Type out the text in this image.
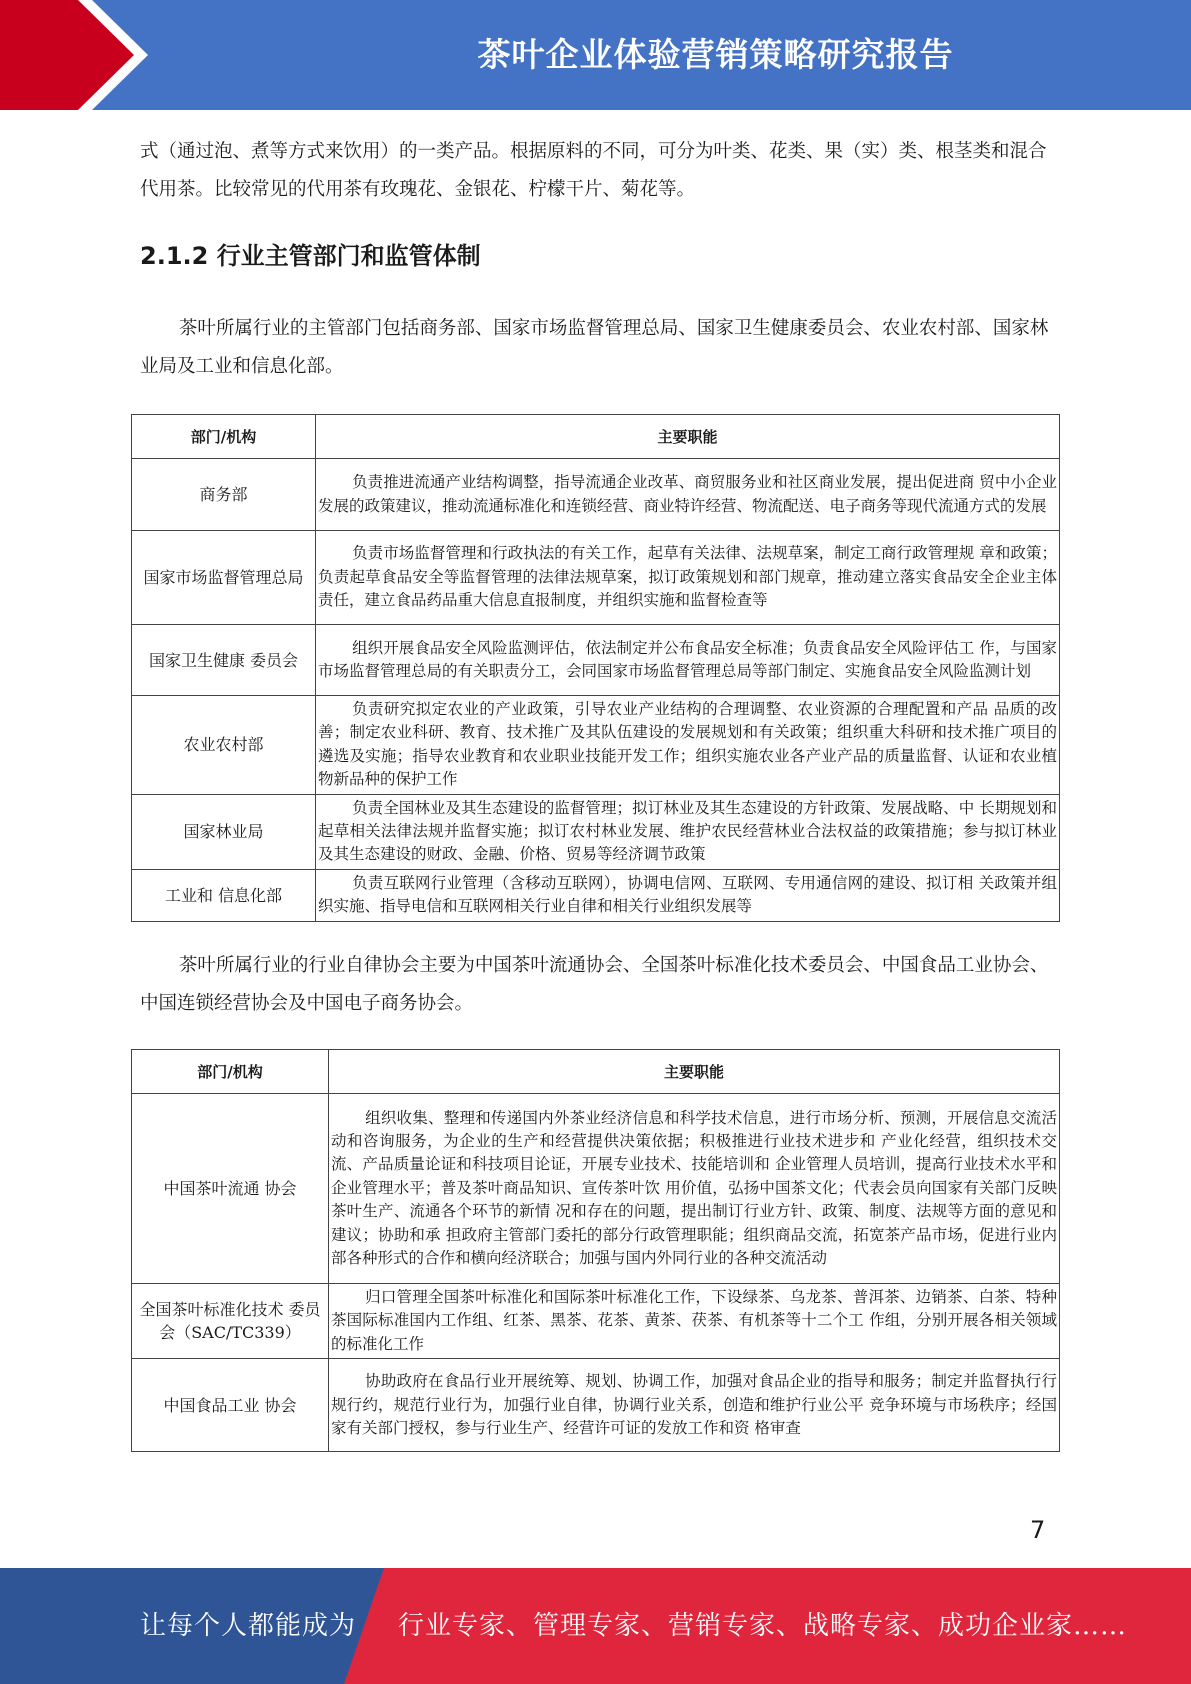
茶叶企业体验营销策略研究报告

式（通过泡、煮等方式来饮用）的一类产品。根据原料的不同，可分为叶类、花类、果（实）类、根茎类和混合代用茶。比较常见的代用茶有玫瑰花、金银花、柠檬干片、菊花等。

2.1.2 行业主管部门和监管体制

茶叶所属行业的主管部门包括商务部、国家市场监督管理总局、国家卫生健康委员会、农业农村部、国家林业局及工业和信息化部。

部门/机构	主要职能
商务部	负责推进流通产业结构调整，指导流通企业改革、商贸服务业和社区商业发展，提出促进商 贸中小企业发展的政策建议，推动流通标准化和连锁经营、商业特许经营、物流配送、电子商务等现代流通方式的发展

国家市场监督管理总局	负责市场监督管理和行政执法的有关工作，起草有关法律、法规草案，制定工商行政管理规 章和政策；负责起草食品安全等监督管理的法律法规草案，拟订政策规划和部门规章，推动建立落实食品安全企业主体责任，建立食品药品重大信息直报制度，并组织实施和监督检查等

国家卫生健康 委员会	组织开展食品安全风险监测评估，依法制定并公布食品安全标准；负责食品安全风险评估工 作，与国家市场监督管理总局的有关职责分工，会同国家市场监督管理总局等部门制定、实施食品安全风险监测计划

农业农村部	负责研究拟定农业的产业政策，引导农业产业结构的合理调整、农业资源的合理配置和产品 品质的改善；制定农业科研、教育、技术推广及其队伍建设的发展规划和有关政策；组织重大科研和技术推广项目的遴选及实施；指导农业教育和农业职业技能开发工作；组织实施农业各产业产品的质量监督、认证和农业植物新品种的保护工作

国家林业局	负责全国林业及其生态建设的监督管理；拟订林业及其生态建设的方针政策、发展战略、中 长期规划和起草相关法律法规并监督实施；拟订农村林业发展、维护农民经营林业合法权益的政策措施；参与拟订林业及其生态建设的财政、金融、价格、贸易等经济调节政策

工业和 信息化部	负责互联网行业管理（含移动互联网），协调电信网、互联网、专用通信网的建设、拟订相 关政策并组织实施、指导电信和互联网相关行业自律和相关行业组织发展等

茶叶所属行业的行业自律协会主要为中国茶叶流通协会、全国茶叶标准化技术委员会、中国食品工业协会、中国连锁经营协会及中国电子商务协会。

部门/机构	主要职能
中国茶叶流通 协会	组织收集、整理和传递国内外茶业经济信息和科学技术信息，进行市场分析、预测，开展信息交流活动和咨询服务，为企业的生产和经营提供决策依据；积极推进行业技术进步和 产业化经营，组织技术交流、产品质量论证和科技项目论证，开展专业技术、技能培训和 企业管理人员培训，提高行业技术水平和企业管理水平；普及茶叶商品知识、宣传茶叶饮 用价值，弘扬中国茶文化；代表会员向国家有关部门反映茶叶生产、流通各个环节的新情 况和存在的问题，提出制订行业方针、政策、制度、法规等方面的意见和建议；协助和承 担政府主管部门委托的部分行政管理职能；组织商品交流，拓宽茶产品市场，促进行业内 部各种形式的合作和横向经济联合；加强与国内外同行业的各种交流活动

全国茶叶标准化技术 委员会（SAC/TC339）	归口管理全国茶叶标准化和国际茶叶标准化工作，下设绿茶、乌龙茶、普洱茶、边销茶、白茶、特种茶国际标准国内工作组、红茶、黑茶、花茶、黄茶、茯茶、有机茶等十二个工 作组，分别开展各相关领域的标准化工作

中国食品工业 协会	协助政府在食品行业开展统筹、规划、协调工作，加强对食品企业的指导和服务；制定并监督执行行规行约，规范行业行为，加强行业自律，协调行业关系，创造和维护行业公平 竞争环境与市场秩序；经国家有关部门授权，参与行业生产、经营许可证的发放工作和资 格审查
7
让每个人都能成为 行业专家、管理专家、营销专家、战略专家、成功企业家……
